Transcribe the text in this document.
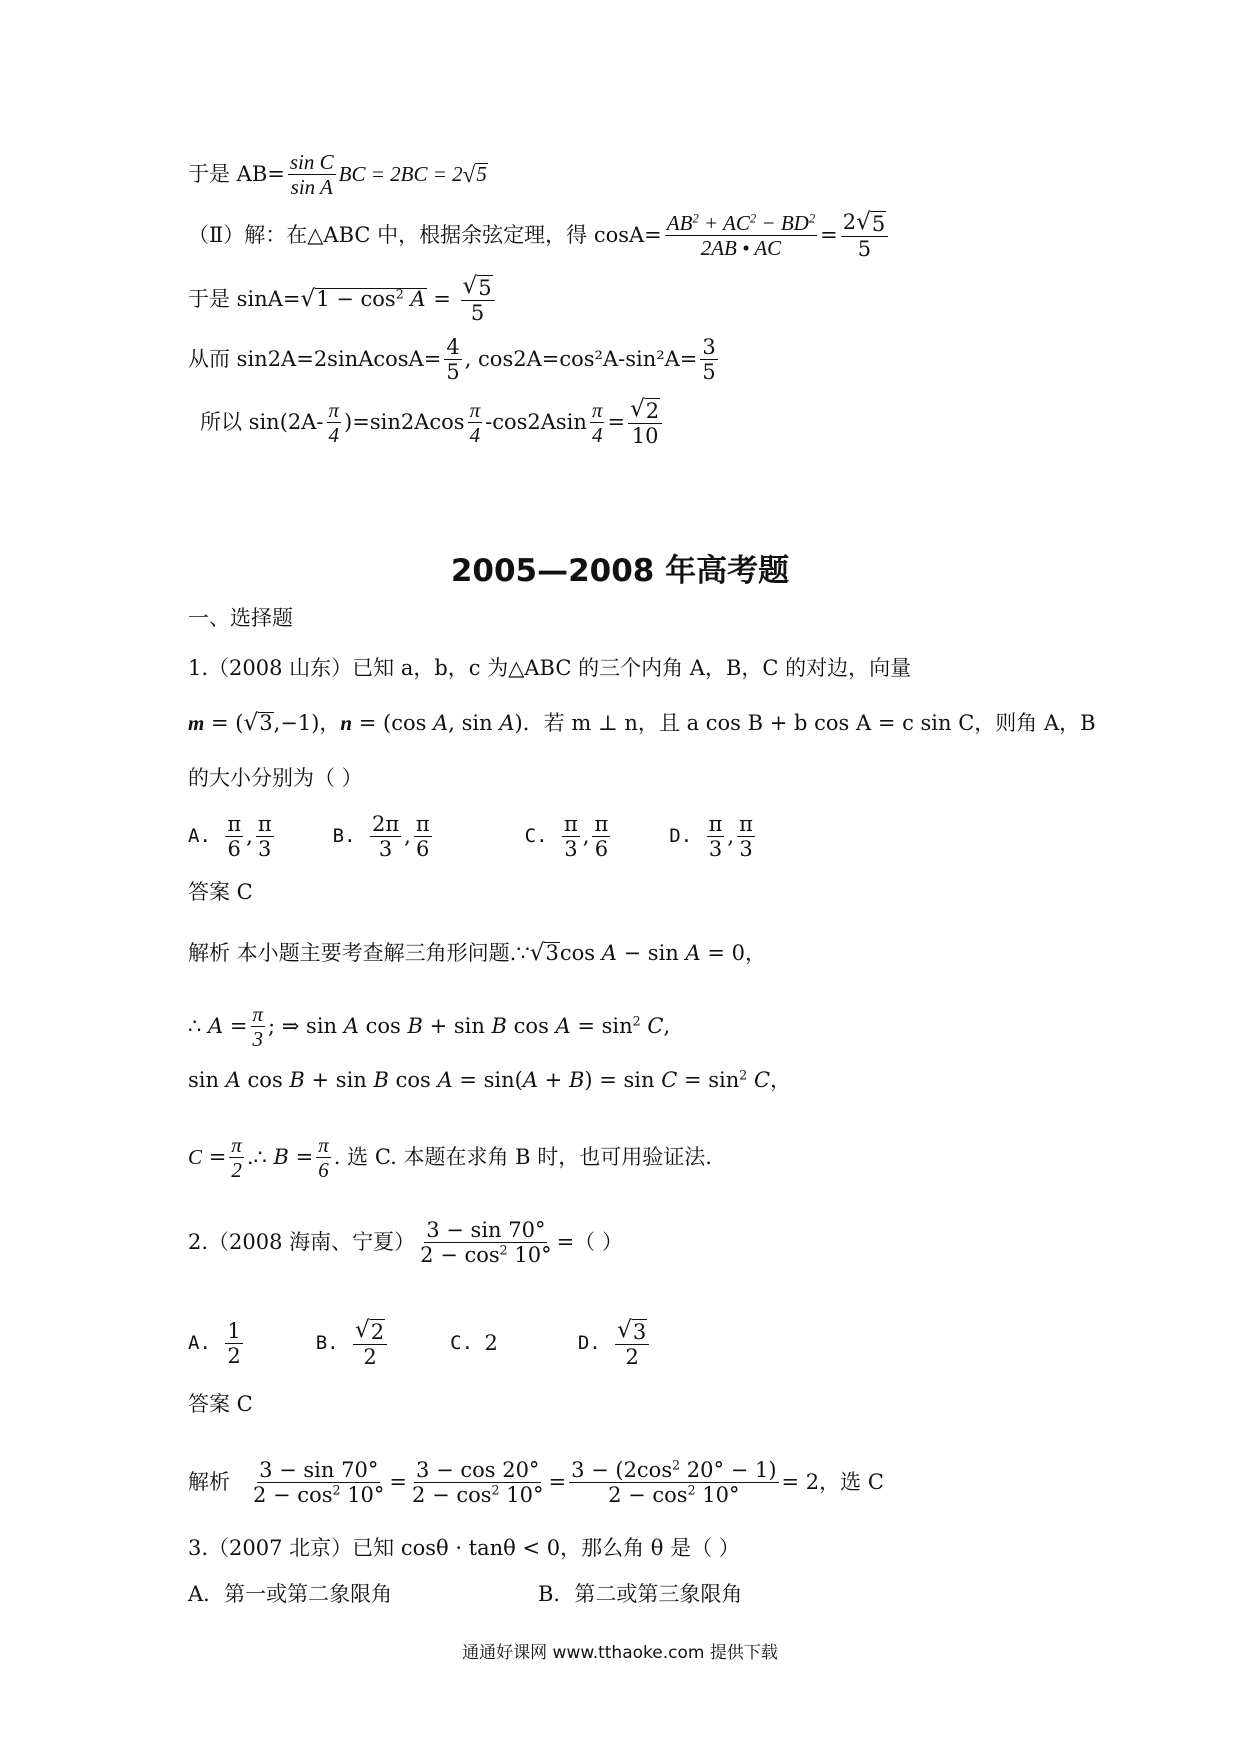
于是 $AB= \frac{\text{sin C}}{\text{sin A}}$ BC = 2BC = 2 √ 5
（Ⅱ）解：在△ABC 中，根据余弦定理，得 $\cos A= \frac{AB^2 + AC^2 - BD^2}{2AB • AC} = \frac{2 √ 5}{5}$
于是 sinA= √ $1 - \cos^2 A = \frac{√ 5}{5}$
从而 sin2A=2sinAcosA= $\frac{4}{5}$ , $\cos 2A=\cos^2A-\sin^2A= \frac{3}{5}$
所以 $\sin(2A- \frac{\pi}{4} )=\sin 2Acos \frac{\pi}{4} -\cos 2Asin \frac{\pi}{4} = \frac{√ 2}{10}$
2005—2008 年高考题
一、选择题
1.（2008 山东）已知 a，b，c 为△ABC 的三个内角 A，B，C 的对边，向量
m = ( √ 3 ,−1)， n = (cos A, sin A) ．若 m ⊥ n，且 a cos B + b cos A = c sin C，则角 A，B
的大小分别为（ ）
A. $\frac{\pi}{6}$ , $\frac{\pi}{3}$	B. $\frac{2\pi}{3}$ , $\frac{\pi}{6}$	C. $\frac{\pi}{3}$ , $\frac{\pi}{6}$	D. $\frac{\pi}{3}$ , $\frac{\pi}{3}$
答案 C
解析 本小题主要考查解三角形问题. ∵ √ 3 cos A − sin A = 0，
∴ $A = \frac{\pi}{3}$ ; ⇒ sin A cos B + sin B $\cos A = \sin^2 C$,
sin A cos B + sin B $\cos A = \sin(A + B) = \sin C = \sin^2 C$，
$C = \frac{\pi}{2}$ .∴ $B = \frac{\pi}{6}$ . 选 C. 本题在求角 B 时，也可用验证法.
2.（2008 海南、宁夏） $\frac{3 - \sin 70^\circ}{2 - \cos^2 10^\circ}$ =（ ）
A. $\frac{1}{2}$	B. $\frac{√ 2}{2}$	C. 2	D. $\frac{√ 3}{2}$
答案 C
解析 $\frac{3 - \sin 70^\circ}{2 - \cos^2 10^\circ} = \frac{3 - \cos 20^\circ}{2 - \cos^2 10^\circ} = \frac{3 - (2\cos^2 20^\circ - 1)}{2 - \cos^2 10^\circ} = 2$，选 C
3.（2007 北京）已知 cosθ · tanθ < 0，那么角 θ 是（ ）
A．第一或第二象限角	B．第二或第三象限角
通通好课网 www.tthaoke.com 提供下载
